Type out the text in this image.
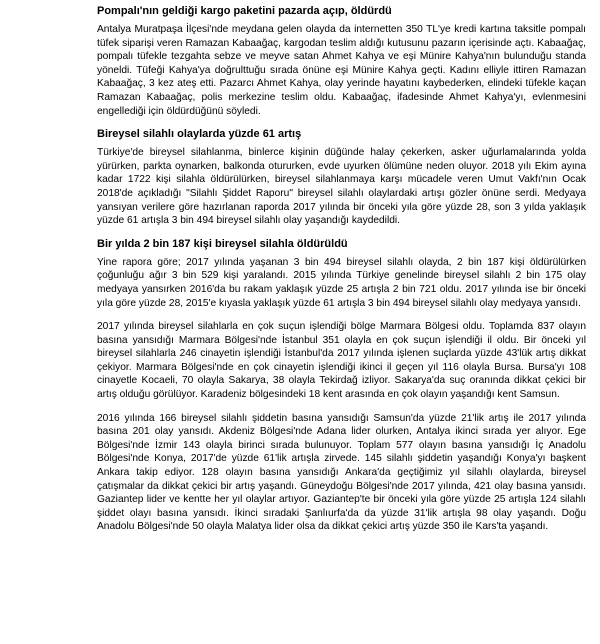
Pompalı'nın geldiği kargo paketini pazarda açıp, öldürdü

Antalya Muratpaşa İlçesi'nde meydana gelen olayda da internetten 350 TL'ye kredi kartına taksitle pompalı tüfek siparişi veren Ramazan Kabaağaç, kargodan teslim aldığı kutusunu pazarın içerisinde açtı. Kabaağaç, pompalı tüfekle tezgahta sebze ve meyve satan Ahmet Kahya ve eşi Münire Kahya'nın bulunduğu standa yöneldi. Tüfeği Kahya'ya doğrulttuğu sırada önüne eşi Münire Kahya geçti. Kadını elliyle ittiren Ramazan Kabaağaç, 3 kez ateş etti. Pazarcı Ahmet Kahya, olay yerinde hayatını kaybederken, elindeki tüfekle kaçan Ramazan Kabaağaç, polis merkezine teslim oldu. Kabaağaç, ifadesinde Ahmet Kahya'yı, evlenmesini engellediği için öldürdüğünü söyledi.

Bireysel silahlı olaylarda yüzde 61 artış

Türkiye'de bireysel silahlanma, binlerce kişinin düğünde halay çekerken, asker uğurlamalarında yolda yürürken, parkta oynarken, balkonda otururken, evde uyurken ölümüne neden oluyor. 2018 yılı Ekim ayına kadar 1722 kişi silahla öldürülürken, bireysel silahlanmaya karşı mücadele veren Umut Vakfı'nın Ocak 2018'de açıkladığı "Silahlı Şiddet Raporu" bireysel silahlı olaylardaki artışı gözler önüne serdi. Medyaya yansıyan verilere göre hazırlanan raporda 2017 yılında bir önceki yıla göre yüzde 28, son 3 yılda yaklaşık yüzde 61 artışla 3 bin 494 bireysel silahlı olay yaşandığı kaydedildi.

Bir yılda 2 bin 187 kişi bireysel silahla öldürüldü

Yine rapora göre; 2017 yılında yaşanan 3 bin 494 bireysel silahlı olayda, 2 bin 187 kişi öldürülürken çoğunluğu ağır 3 bin 529 kişi yaralandı. 2015 yılında Türkiye genelinde bireysel silahlı 2 bin 175 olay medyaya yansırken 2016'da bu rakam yaklaşık yüzde 25 artışla 2 bin 721 oldu. 2017 yılında ise bir önceki yıla göre yüzde 28, 2015'e kıyasla yaklaşık yüzde 61 artışla 3 bin 494 bireysel silahlı olay medyaya yansıdı.

2017 yılında bireysel silahlarla en çok suçun işlendiği bölge Marmara Bölgesi oldu. Toplamda 837 olayın basına yansıdığı Marmara Bölgesi'nde İstanbul 351 olayla en çok suçun işlendiği il oldu. Bir önceki yıl bireysel silahlarla 246 cinayetin işlendiği İstanbul'da 2017 yılında işlenen suçlarda yüzde 43'lük artış dikkat çekiyor. Marmara Bölgesi'nde en çok cinayetin işlendiği ikinci il geçen yıl 116 olayla Bursa. Bursa'yı 108 cinayetle Kocaeli, 70 olayla Sakarya, 38 olayla Tekirdağ izliyor. Sakarya'da suç oranında dikkat çekici bir artış olduğu görülüyor. Karadeniz bölgesindeki 18 kent arasında en çok olayın yaşandığı kent Samsun.

2016 yılında 166 bireysel silahlı şiddetin basına yansıdığı Samsun'da yüzde 21'lik artış ile 2017 yılında basına 201 olay yansıdı. Akdeniz Bölgesi'nde Adana lider olurken, Antalya ikinci sırada yer alıyor. Ege Bölgesi'nde İzmir 143 olayla birinci sırada bulunuyor. Toplam 577 olayın basına yansıdığı İç Anadolu Bölgesi'nde Konya, 2017'de yüzde 61'lik artışla zirvede. 145 silahlı şiddetin yaşandığı Konya'yı başkent Ankara takip ediyor. 128 olayın basına yansıdığı Ankara'da geçtiğimiz yıl silahlı olaylarda, bireysel çatışmalar da dikkat çekici bir artış yaşandı. Güneydoğu Bölgesi'nde 2017 yılında, 421 olay basına yansıdı. Gaziantep lider ve kentte her yıl olaylar artıyor. Gaziantep'te bir önceki yıla göre yüzde 25 artışla 124 silahlı şiddet olayı basına yansıdı. İkinci sıradaki Şanlıurfa'da da yüzde 31'lik artışla 98 olay yaşandı. Doğu Anadolu Bölgesi'nde 50 olayla Malatya lider olsa da dikkat çekici artış yüzde 350 ile Kars'ta yaşandı.
